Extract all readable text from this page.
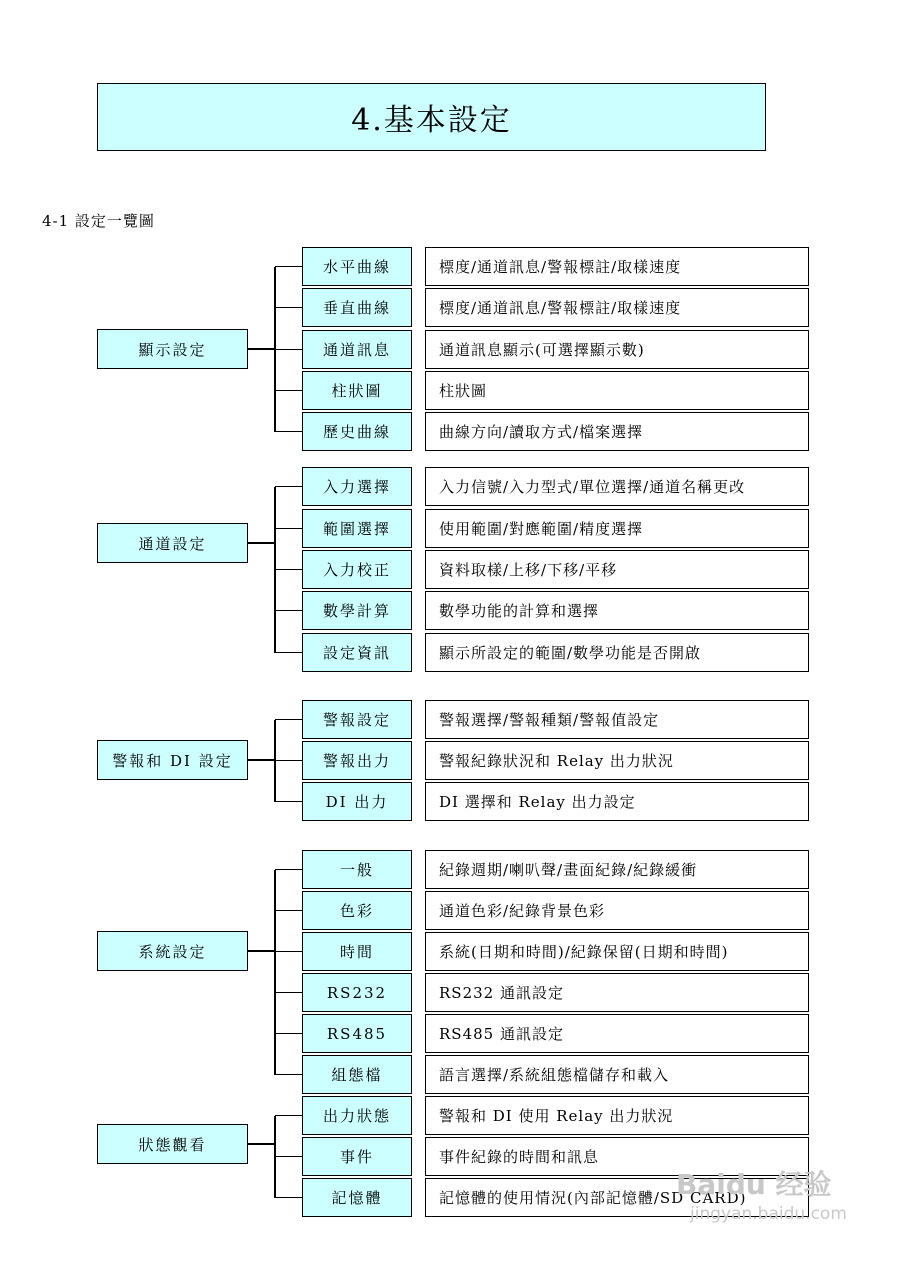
4.基本設定
4-1 設定一覽圖
顯示設定
水平曲線	標度/通道訊息/警報標註/取樣速度
垂直曲線	標度/通道訊息/警報標註/取樣速度
通道訊息	通道訊息顯示(可選擇顯示數)
柱狀圖	柱狀圖
歷史曲線	曲線方向/讀取方式/檔案選擇
通道設定
入力選擇	入力信號/入力型式/單位選擇/通道名稱更改
範圍選擇	使用範圍/對應範圍/精度選擇
入力校正	資料取樣/上移/下移/平移
數學計算	數學功能的計算和選擇
設定資訊	顯示所設定的範圍/數學功能是否開啟
警報和 DI 設定
警報設定	警報選擇/警報種類/警報值設定
警報出力	警報紀錄狀況和 Relay 出力狀況
DI 出力	DI 選擇和 Relay 出力設定
系統設定
一般	紀錄週期/喇叭聲/畫面紀錄/紀錄緩衝
色彩	通道色彩/紀錄背景色彩
時間	系統(日期和時間)/紀錄保留(日期和時間)
RS232	RS232 通訊設定
RS485	RS485 通訊設定
組態檔	語言選擇/系統組態檔儲存和載入
狀態觀看
出力狀態	警報和 DI 使用 Relay 出力狀況
事件	事件紀錄的時間和訊息
記憶體	記憶體的使用情況(內部記憶體/SD CARD)
Baidu 经验
jingyan.baidu.com
